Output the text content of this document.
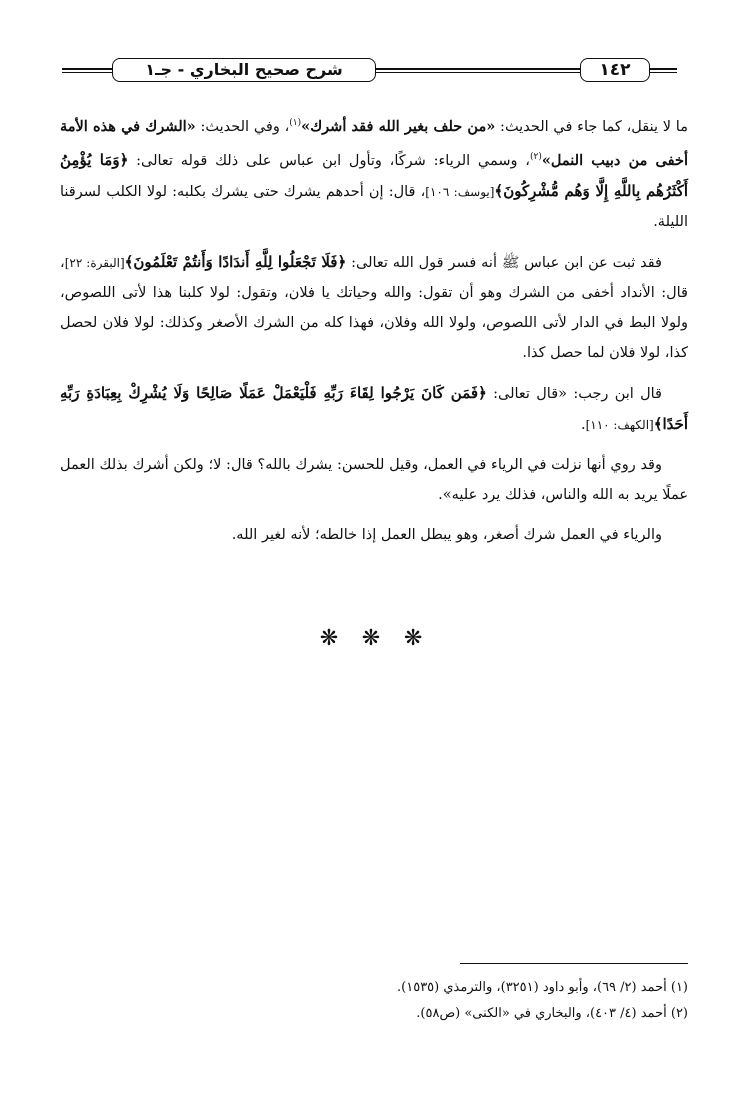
شرح صحيح البخاري - جـ١	١٤٢

ما لا ينقل، كما جاء في الحديث: «من حلف بغير الله فقد أشرك»$^{(١)}$، وفي الحديث: «الشرك في هذه الأمة أخفى من دبيب النمل»$^{(٢)}$، وسمي الرياء: شركًا، وتأول ابن عباس على ذلك قوله تعالى: ﴿وَمَا يُؤْمِنُ أَكْثَرُهُم بِاللَّهِ إِلَّا وَهُم مُّشْرِكُونَ﴾[يوسف: ١٠٦]، قال: إن أحدهم يشرك حتى يشرك بكلبه: لولا الكلب لسرقنا الليلة.

فقد ثبت عن ابن عباس ﷺ أنه فسر قول الله تعالى: ﴿فَلَا تَجْعَلُوا لِلَّهِ أَندَادًا وَأَنتُمْ تَعْلَمُونَ﴾[البقرة: ٢٢]، قال: الأنداد أخفى من الشرك وهو أن تقول: والله وحياتك يا فلان، وتقول: لولا كلبنا هذا لأتى اللصوص، ولولا البط في الدار لأتى اللصوص، ولولا الله وفلان، فهذا كله من الشرك الأصغر وكذلك: لولا فلان لحصل كذا، لولا فلان لما حصل كذا.

قال ابن رجب: «قال تعالى: ﴿فَمَن كَانَ يَرْجُوا لِقَاءَ رَبِّهِ فَلْيَعْمَلْ عَمَلًا صَالِحًا وَلَا يُشْرِكْ بِعِبَادَةِ رَبِّهِ أَحَدًا﴾[الكهف: ١١٠].

وقد روي أنها نزلت في الرياء في العمل، وقيل للحسن: يشرك بالله؟ قال: لا؛ ولكن أشرك بذلك العمل عملًا يريد به الله والناس، فذلك يرد عليه».

والرياء في العمل شرك أصغر، وهو يبطل العمل إذا خالطه؛ لأنه لغير الله.

❋ ❋ ❋

(١) أحمد (٢/ ٦٩)، وأبو داود (٣٢٥١)، والترمذي (١٥٣٥).

(٢) أحمد (٤/ ٤٠٣)، والبخاري في «الكنى» (ص٥٨).
